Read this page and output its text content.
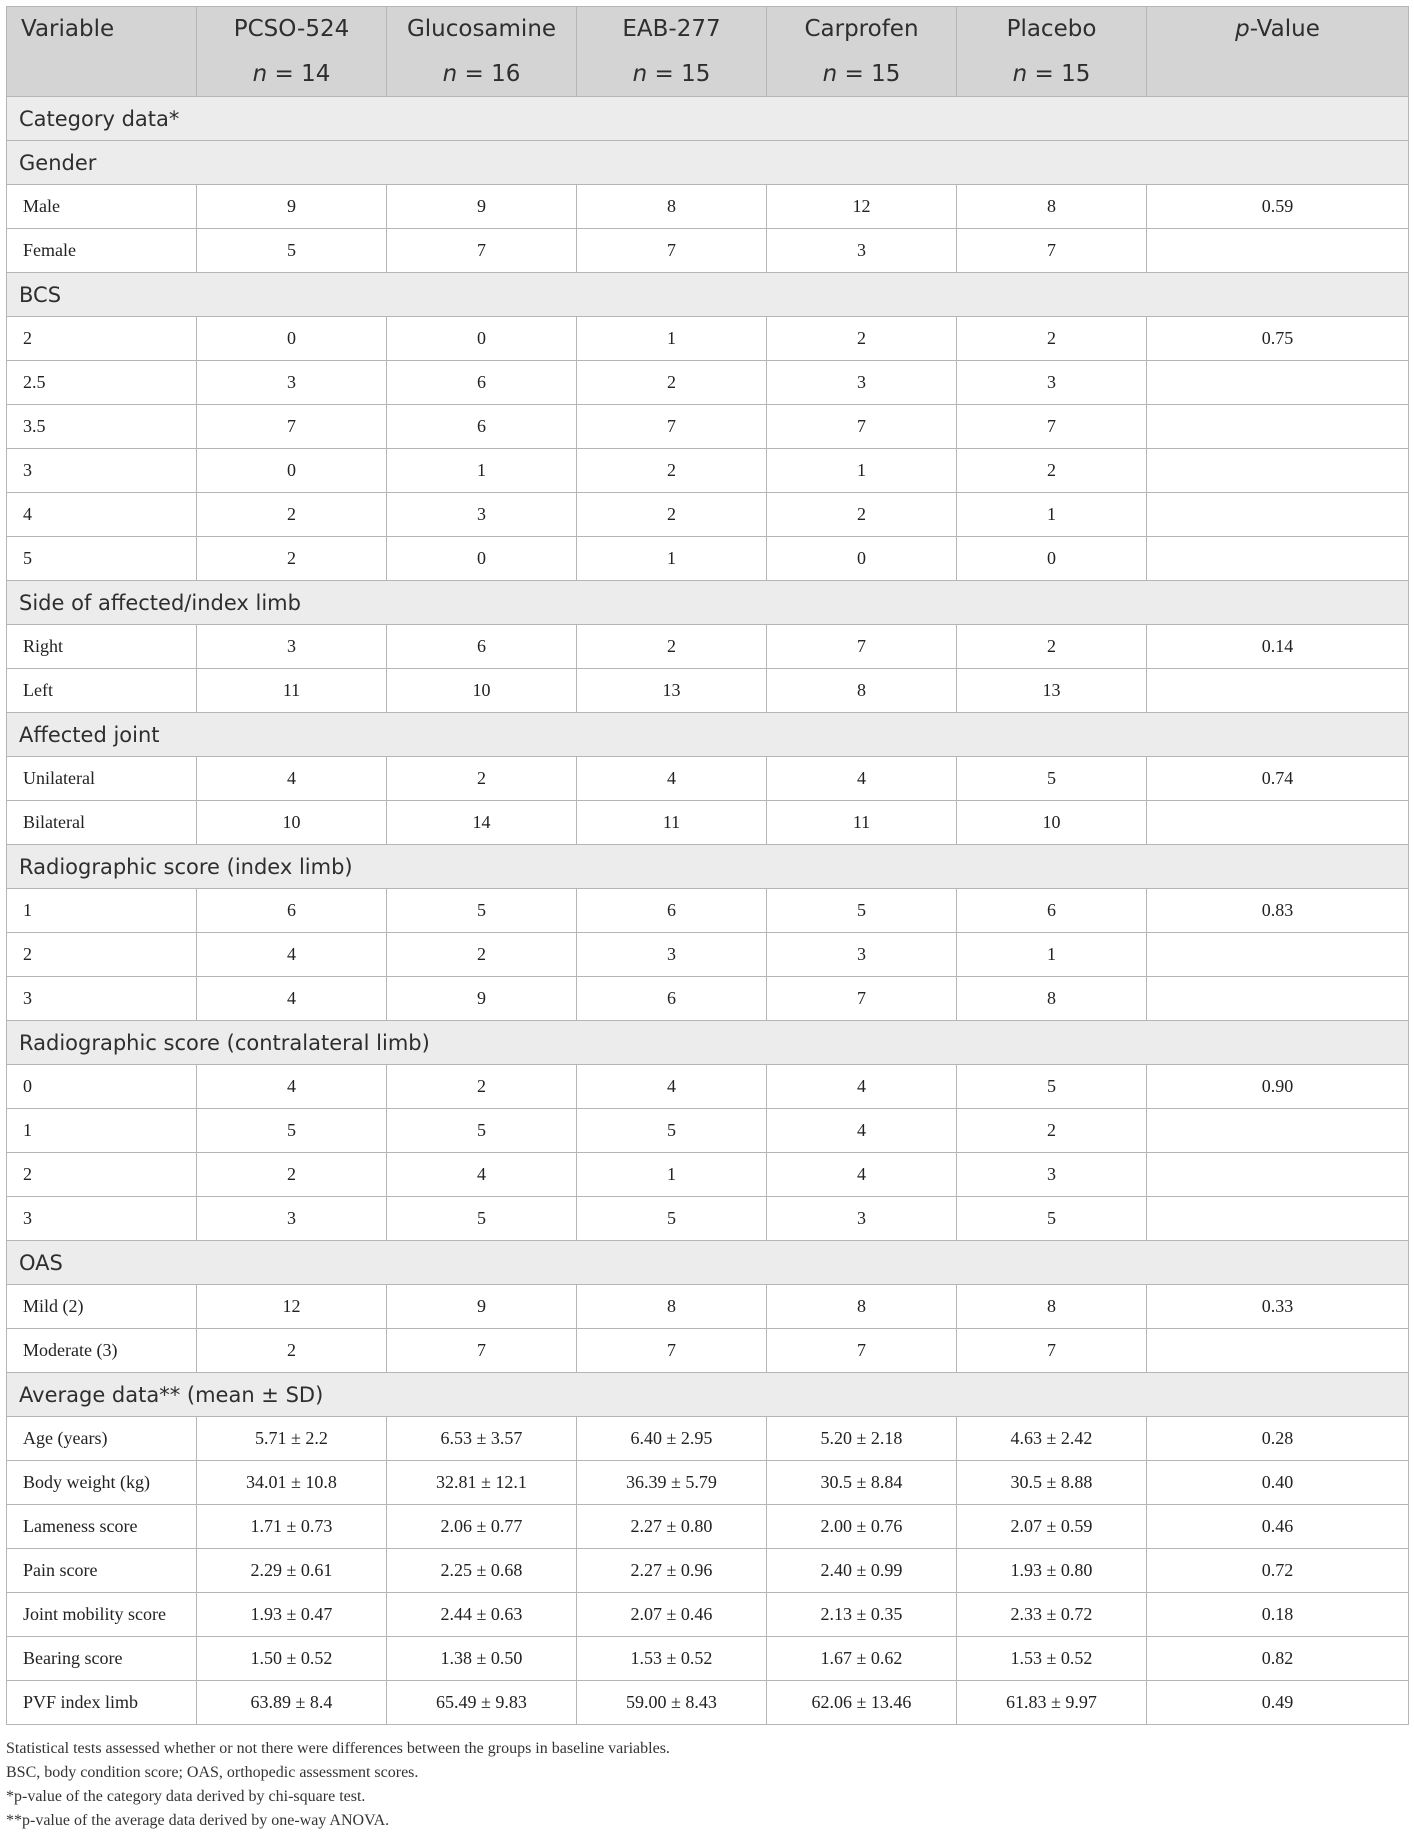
Variable	PCSO-524	Glucosamine	EAB-277	Carprofen	Placebo	p-Value
	n = 14	n = 16	n = 15	n = 15	n = 15	
Category data*						
Gender						
Male	9	9	8	12	8	0.59
Female	5	7	7	3	7	
BCS						
2	0	0	1	2	2	0.75
2.5	3	6	2	3	3	
3.5	7	6	7	7	7	
3	0	1	2	1	2	
4	2	3	2	2	1	
5	2	0	1	0	0	
Side of affected/index limb						
Right	3	6	2	7	2	0.14
Left	11	10	13	8	13	
Affected joint						
Unilateral	4	2	4	4	5	0.74
Bilateral	10	14	11	11	10	
Radiographic score (index limb)						
1	6	5	6	5	6	0.83
2	4	2	3	3	1	
3	4	9	6	7	8	
Radiographic score (contralateral limb)						
0	4	2	4	4	5	0.90
1	5	5	5	4	2	
2	2	4	1	4	3	
3	3	5	5	3	5	
OAS						
Mild (2)	12	9	8	8	8	0.33
Moderate (3)	2	7	7	7	7	
Average data** (mean ± SD)						
Age (years)	5.71 ± 2.2	6.53 ± 3.57	6.40 ± 2.95	5.20 ± 2.18	4.63 ± 2.42	0.28
Body weight (kg)	34.01 ± 10.8	32.81 ± 12.1	36.39 ± 5.79	30.5 ± 8.84	30.5 ± 8.88	0.40
Lameness score	1.71 ± 0.73	2.06 ± 0.77	2.27 ± 0.80	2.00 ± 0.76	2.07 ± 0.59	0.46
Pain score	2.29 ± 0.61	2.25 ± 0.68	2.27 ± 0.96	2.40 ± 0.99	1.93 ± 0.80	0.72
Joint mobility score	1.93 ± 0.47	2.44 ± 0.63	2.07 ± 0.46	2.13 ± 0.35	2.33 ± 0.72	0.18
Bearing score	1.50 ± 0.52	1.38 ± 0.50	1.53 ± 0.52	1.67 ± 0.62	1.53 ± 0.52	0.82
PVF index limb	63.89 ± 8.4	65.49 ± 9.83	59.00 ± 8.43	62.06 ± 13.46	61.83 ± 9.97	0.49
Statistical tests assessed whether or not there were differences between the groups in baseline variables.
BSC, body condition score; OAS, orthopedic assessment scores.
*p-value of the category data derived by chi-square test.
**p-value of the average data derived by one-way ANOVA.
